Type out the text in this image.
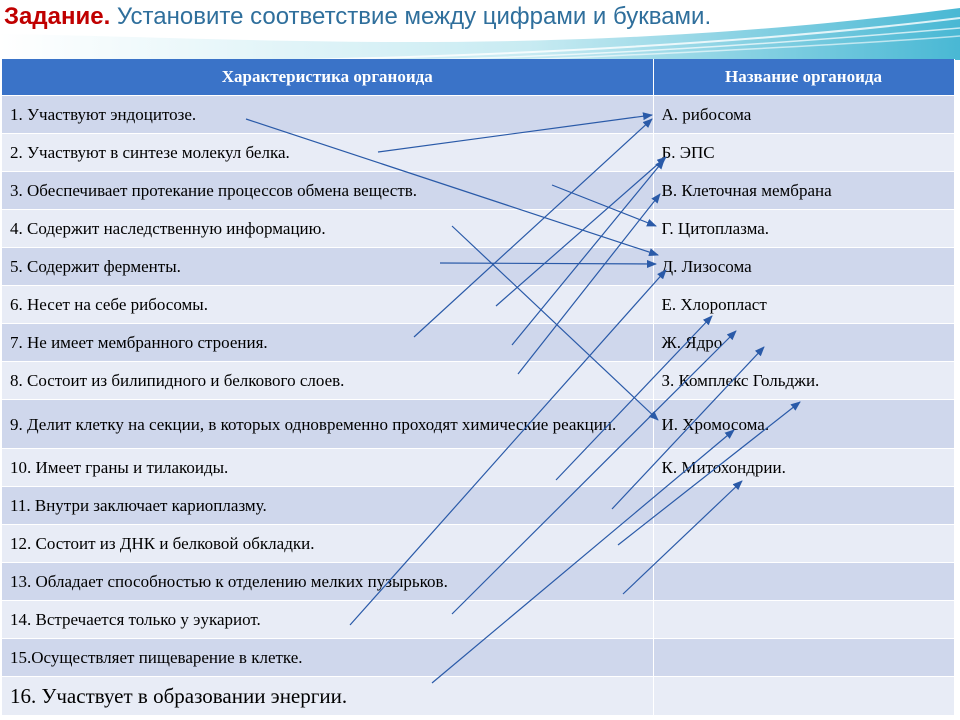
Задание. Установите соответствие между цифрами и буквами.
Характеристика органоида	Название органоида
1. Участвуют эндоцитозе.	А. рибосома
2. Участвуют в синтезе молекул белка.	Б. ЭПС
3. Обеспечивает протекание процессов обмена веществ.	В. Клеточная мембрана
4. Содержит наследственную информацию.	Г. Цитоплазма.
5. Содержит ферменты.	Д. Лизосома
6. Несет на себе рибосомы.	Е. Хлоропласт
7. Не имеет мембранного строения.	Ж. Ядро
8. Состоит из билипидного и белкового слоев.	З. Комплекс Гольджи.
9. Делит клетку на секции, в которых одновременно проходят химические реакции.	И. Хромосома.
10. Имеет граны и тилакоиды.	К. Митохондрии.
11. Внутри заключает кариоплазму.	
12. Состоит из ДНК и белковой обкладки.	
13. Обладает способностью к отделению мелких пузырьков.	
14. Встречается только у эукариот.	
15.Осуществляет пищеварение в клетке.	
16. Участвует в образовании энергии.	
